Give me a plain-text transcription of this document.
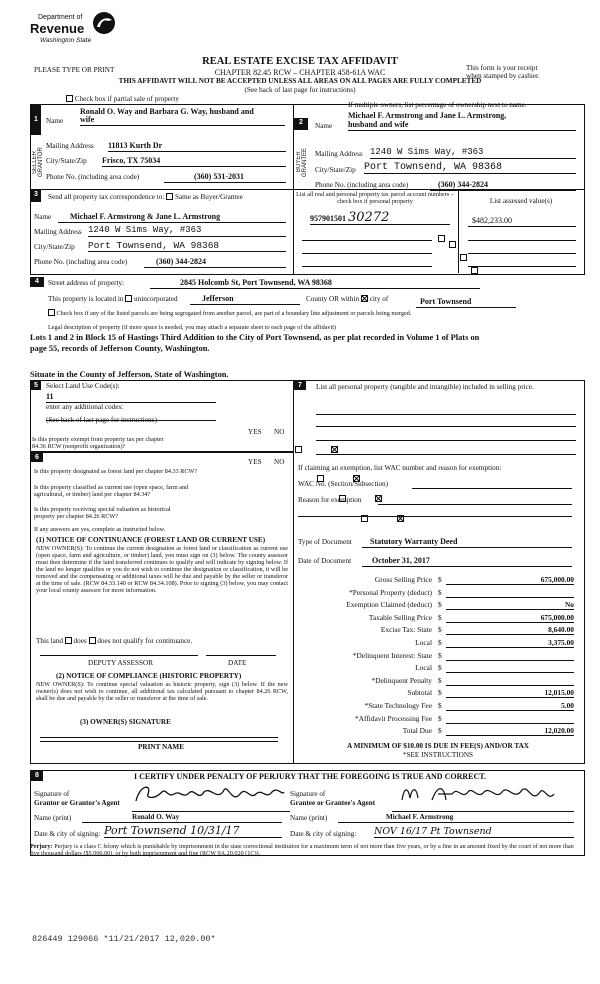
Department of
Revenue
Washington State
REAL ESTATE EXCISE TAX AFFIDAVIT
CHAPTER 82.45 RCW – CHAPTER 458-61A WAC
PLEASE TYPE OR PRINT	This form is your receipt
when stamped by cashier.
THIS AFFIDAVIT WILL NOT BE ACCEPTED UNLESS ALL AREAS ON ALL PAGES ARE FULLY COMPLETED
(See back of last page for instructions)
Check box if partial sale of property
If multiple owners, list percentage of ownership next to name.
1
SELLER GRANTOR
Ronald O. Way and Barbara G. Way, husband and
Name wife
Mailing Address 11813 Kurth Dr
City/State/Zip Frisco, TX 75034
Phone No. (including area code)	(360) 531-2031
2
BUYER GRANTEE
Michael F. Armstrong and Jane L. Armstrong,
Name husband and wife
Mailing Address 1240 W Sims Way, #363
City/State/Zip Port Townsend, WA 98368
Phone No. (including area code)	(360) 344-2824
3	Send all property tax correspondence to: Same as Buyer/Grantee
Name	Michael F. Armstrong & Jane L. Armstrong
Mailing Address 1240 W Sims Way, #363
City/State/Zip Port Townsend, WA 98368
Phone No. (including area code)	(360) 344-2824
List all real and personal property tax parcel account numbers – check box if personal property	List assessed value(s)
957901501 30272
	$482,233.00

4	Street address of property:	2845 Holcomb St, Port Townsend, WA 98368
This property is located in unincorporated	Jefferson	County OR within city of	Port Townsend
Check box if any of the listed parcels are being segregated from another parcel, are part of a boundary line adjustment or parcels being merged.
Legal description of property (if more space is needed, you may attach a separate sheet to each page of the affidavit)
Lots 1 and 2 in Block 15 of Hastings Third Addition to the City of Port Townsend, as per plat recorded in Volume 1 of Plats on
page 55, records of Jefferson County, Washington.
Situate in the County of Jefferson, State of Washington.
5	Select Land Use Code(s):
11
enter any additional codes:
(See back of last page for instructions)
YES NO
Is this property exempt from property tax per chapter
84.36 RCW (nonprofit organization)?

6
YES NO
Is this property designated as forest land per chapter 84.33 RCW?

Is this property classified as current use (open space, farm and
agricultural, or timber) land per chapter 84.34?

Is this property receiving special valuation as historical
property per chapter 84.26 RCW?

If any answers are yes, complete as instructed below.
(1) NOTICE OF CONTINUANCE (FOREST LAND OR CURRENT USE)
NEW OWNER(S): To continue the current designation as forest land or classification as current use (open space, farm and agriculture, or timber) land, you must sign on (3) below. The county assessor must then determine if the land transferred continues to qualify and will indicate by signing below. If the land no longer qualifies or you do not wish to continue the designation or classification, it will be removed and the compensating or additional taxes will be due and payable by the seller or transferor at the time of sale. (RCW 84.33.140 or RCW 84.34.108). Prior to signing (3) below, you may contact your local county assessor for more information.
This land does does not qualify for continuance.
DEPUTY ASSESSOR	DATE
(2) NOTICE OF COMPLIANCE (HISTORIC PROPERTY)
NEW OWNER(S): To continue special valuation as historic property, sign (3) below. If the new owner(s) does not wish to continue, all additional tax calculated pursuant to chapter 84.26 RCW, shall be due and payable by the seller or transferor at the time of sale.
(3) OWNER(S) SIGNATURE
PRINT NAME
7	List all personal property (tangible and intangible) included in selling price.
If claiming an exemption, list WAC number and reason for exemption:
WAC No. (Section/Subsection)
Reason for exemption
Type of Document	Statutory Warranty Deed
Date of Document	October 31, 2017
Gross Selling Price $	675,000.00
*Personal Property (deduct) $
Exemption Claimed (deduct) $	No
Taxable Selling Price $	675,000.00
Excise Tax: State $	8,640.00
Local $	3,375.00
*Delinquent Interest: State $
Local $
*Delinquent Penalty $
Subtotal $	12,015.00
*State Technology Fee $	5.00
*Affidavit Processing Fee $
Total Due $	12,020.00
A MINIMUM OF $10.00 IS DUE IN FEE(S) AND/OR TAX
*SEE INSTRUCTIONS
8	I CERTIFY UNDER PENALTY OF PERJURY THAT THE FOREGOING IS TRUE AND CORRECT.
Signature of
Grantor or Grantor's Agent
Name (print)	Ronald O. Way
Date & city of signing: Port Townsend 10/31/17
Signature of
Grantee or Grantee's Agent
Name (print)	Michael F. Armstrong
Date & city of signing: NOV 16/17 Pt Townsend
Perjury: Perjury is a class C felony which is punishable by imprisonment in the state correctional institution for a maximum term of not more than five years, or by a fine in an amount fixed by the court of not more than five thousand dollars ($5,000.00), or by both imprisonment and fine (RCW 9A.20.020 (1C)).
826449 129066 *11/21/2017 12,020.00*
